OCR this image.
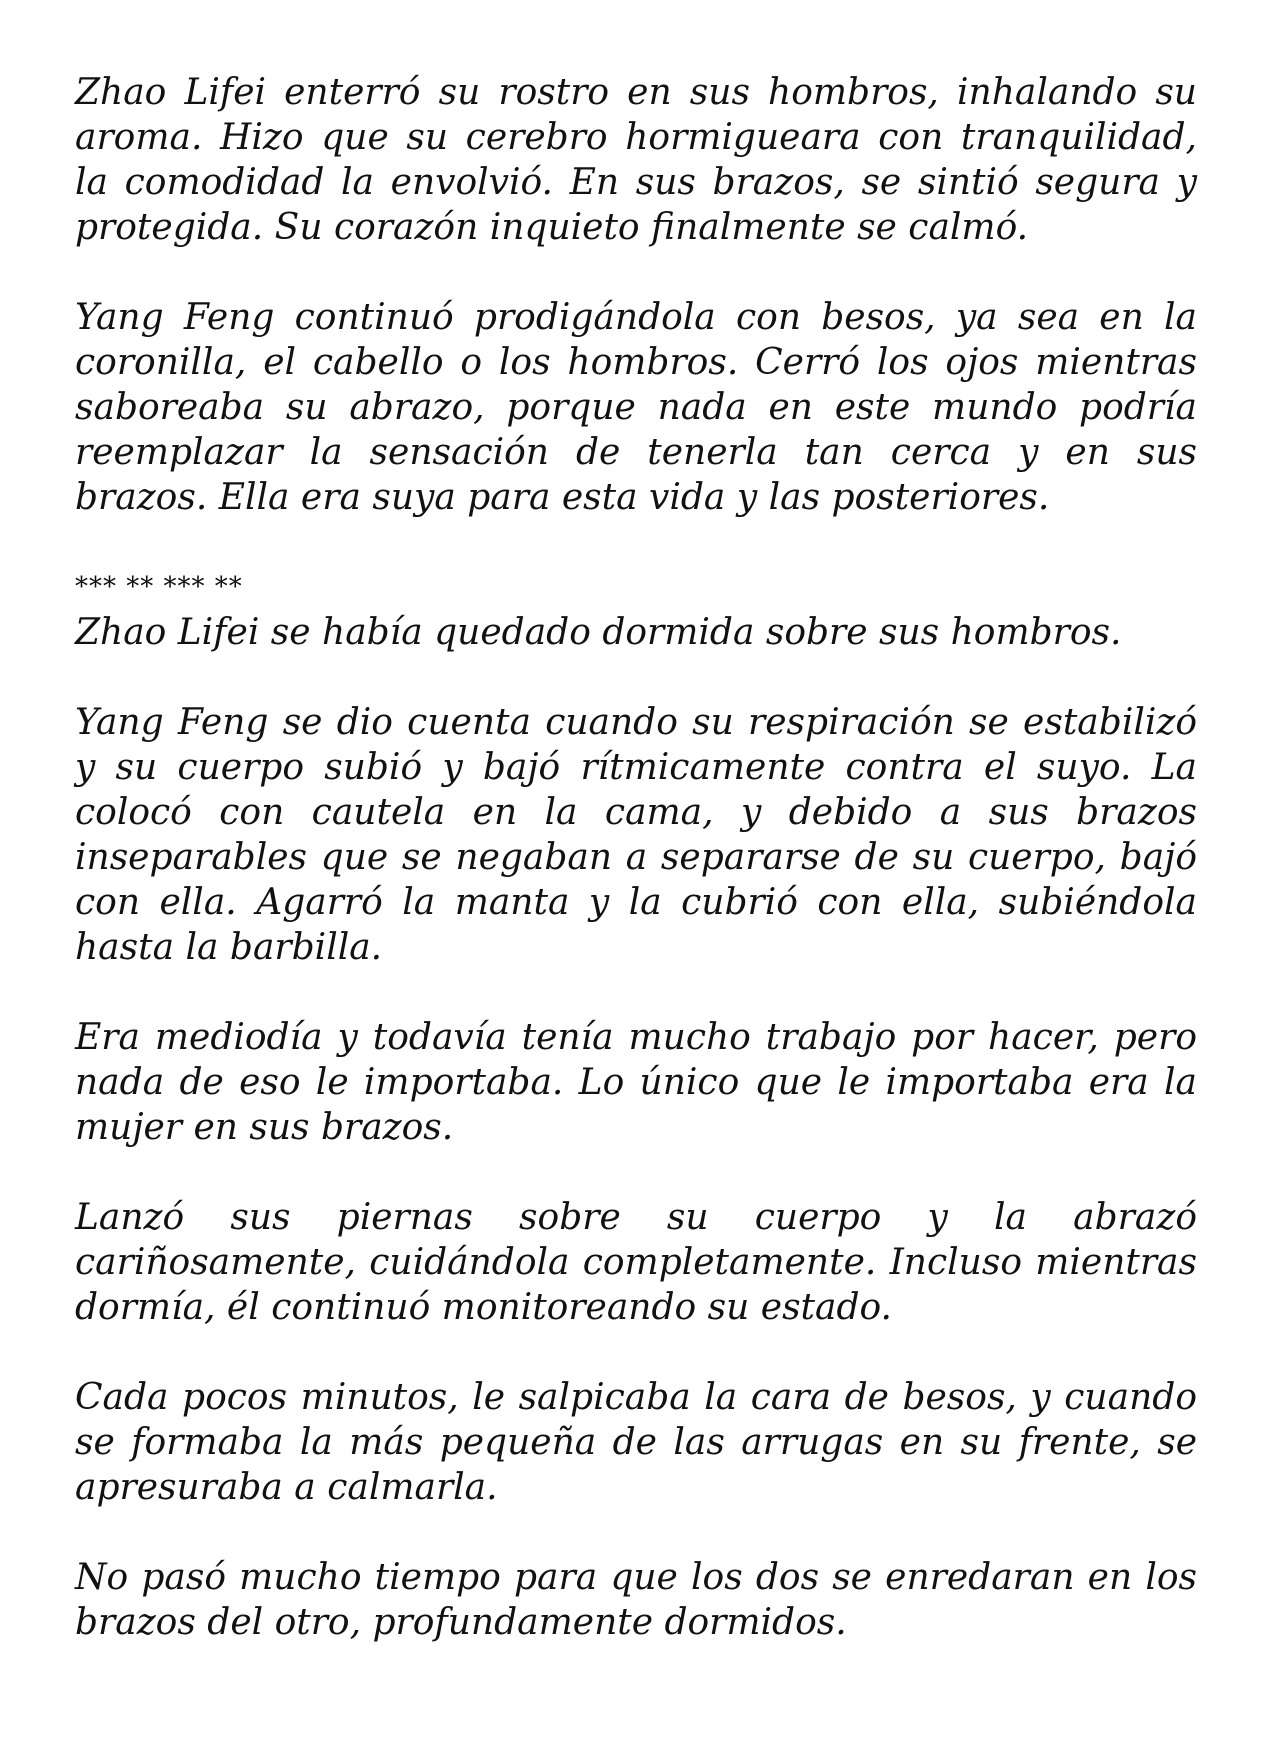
Zhao Lifei enterró su rostro en sus hombros, inhalando su aroma. Hizo que su cerebro hormigueara con tranquilidad, la comodidad la envolvió. En sus brazos, se sintió segura y protegida. Su corazón inquieto finalmente se calmó.

Yang Feng continuó prodigándola con besos, ya sea en la coronilla, el cabello o los hombros. Cerró los ojos mientras saboreaba su abrazo, porque nada en este mundo podría reemplazar la sensación de tenerla tan cerca y en sus brazos. Ella era suya para esta vida y las posteriores.

*** ** *** **

Zhao Lifei se había quedado dormida sobre sus hombros.

Yang Feng se dio cuenta cuando su respiración se estabilizó y su cuerpo subió y bajó rítmicamente contra el suyo. La colocó con cautela en la cama, y debido a sus brazos inseparables que se negaban a separarse de su cuerpo, bajó con ella. Agarró la manta y la cubrió con ella, subiéndola hasta la barbilla.

Era mediodía y todavía tenía mucho trabajo por hacer, pero nada de eso le importaba. Lo único que le importaba era la mujer en sus brazos.

Lanzó sus piernas sobre su cuerpo y la abrazó cariñosamente, cuidándola completamente. Incluso mientras dormía, él continuó monitoreando su estado.

Cada pocos minutos, le salpicaba la cara de besos, y cuando se formaba la más pequeña de las arrugas en su frente, se apresuraba a calmarla.

No pasó mucho tiempo para que los dos se enredaran en los brazos del otro, profundamente dormidos.
